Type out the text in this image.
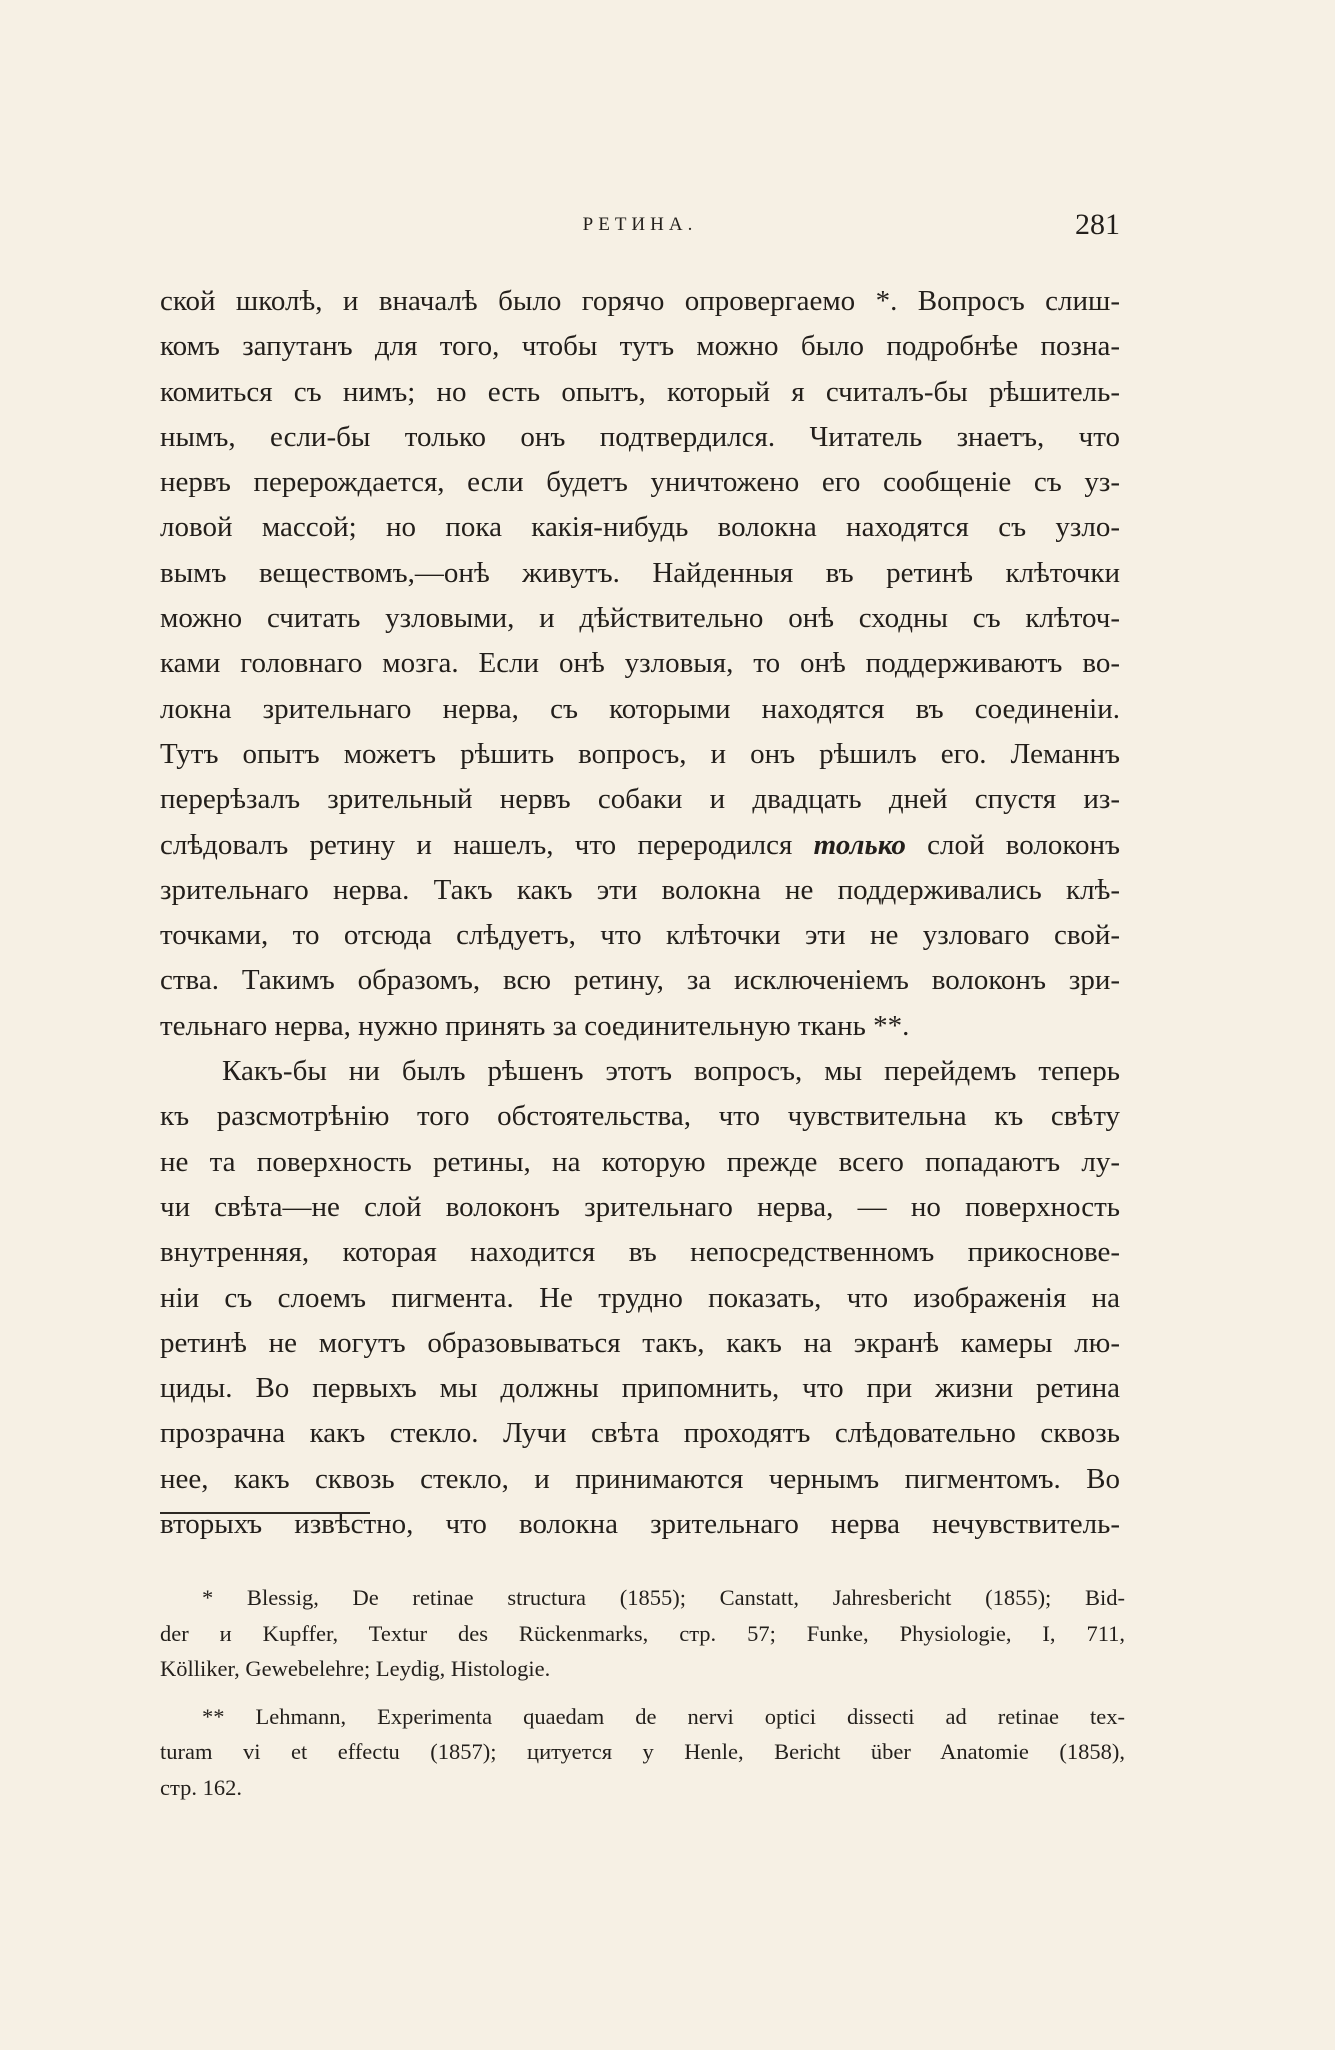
РЕТИНА.	281
ской школѣ, и вначалѣ было горячо опровергаемо *. Вопросъ слиш-
комъ запутанъ для того, чтобы тутъ можно было подробнѣе позна-
комиться съ нимъ; но есть опытъ, который я считалъ-бы рѣшитель-
нымъ, если-бы только онъ подтвердился. Читатель знаетъ, что
нервъ перерождается, если будетъ уничтожено его сообщеніе съ уз-
ловой массой; но пока какія-нибудь волокна находятся съ узло-
вымъ веществомъ,—онѣ живутъ. Найденныя въ ретинѣ клѣточки
можно считать узловыми, и дѣйствительно онѣ сходны съ клѣточ-
ками головнаго мозга. Если онѣ узловыя, то онѣ поддерживаютъ во-
локна зрительнаго нерва, съ которыми находятся въ соединеніи.
Тутъ опытъ можетъ рѣшить вопросъ, и онъ рѣшилъ его. Леманнъ
перерѣзалъ зрительный нервъ собаки и двадцать дней спустя из-
слѣдовалъ ретину и нашелъ, что переродился только слой волоконъ
зрительнаго нерва. Такъ какъ эти волокна не поддерживались клѣ-
точками, то отсюда слѣдуетъ, что клѣточки эти не узловаго свой-
ства. Такимъ образомъ, всю ретину, за исключеніемъ волоконъ зри-
тельнаго нерва, нужно принять за соединительную ткань **.
Какъ-бы ни былъ рѣшенъ этотъ вопросъ, мы перейдемъ теперь
къ разсмотрѣнію того обстоятельства, что чувствительна къ свѣту
не та поверхность ретины, на которую прежде всего попадаютъ лу-
чи свѣта—не слой волоконъ зрительнаго нерва, — но поверхность
внутренняя, которая находится въ непосредственномъ прикоснове-
ніи съ слоемъ пигмента. Не трудно показать, что изображенія на
ретинѣ не могутъ образовываться такъ, какъ на экранѣ камеры лю-
циды. Во первыхъ мы должны припомнить, что при жизни ретина
прозрачна какъ стекло. Лучи свѣта проходятъ слѣдовательно сквозь
нее, какъ сквозь стекло, и принимаются чернымъ пигментомъ. Во
вторыхъ извѣстно, что волокна зрительнаго нерва нечувствитель-
* Blessig, De retinae structura (1855); Canstatt, Jahresbericht (1855); Bid-
der и Kupffer, Textur des Rückenmarks, стр. 57; Funke, Physiologie, I, 711,
Kölliker, Gewebelehre; Leydig, Histologie.
** Lehmann, Experimenta quaedam de nervi optici dissecti ad retinae tex-
turam vi et effectu (1857); цитуется у Henle, Bericht über Anatomie (1858),
стр. 162.
